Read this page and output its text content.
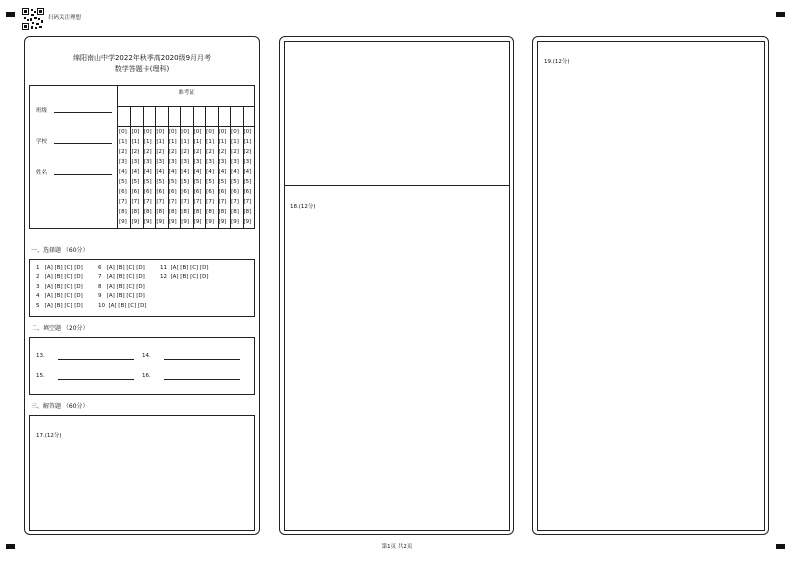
扫码关注理想
绵阳南山中学2022年秋季高2020级9月月考
数学答题卡(理科)
班级
学校
姓名
准考证
[0]
[1]
[2]
[3]
[4]
[5]
[6]
[7]
[8]
[9]
[0]
[1]
[2]
[3]
[4]
[5]
[6]
[7]
[8]
[9]
[0]
[1]
[2]
[3]
[4]
[5]
[6]
[7]
[8]
[9]
[0]
[1]
[2]
[3]
[4]
[5]
[6]
[7]
[8]
[9]
[0]
[1]
[2]
[3]
[4]
[5]
[6]
[7]
[8]
[9]
[0]
[1]
[2]
[3]
[4]
[5]
[6]
[7]
[8]
[9]
[0]
[1]
[2]
[3]
[4]
[5]
[6]
[7]
[8]
[9]
[0]
[1]
[2]
[3]
[4]
[5]
[6]
[7]
[8]
[9]
[0]
[1]
[2]
[3]
[4]
[5]
[6]
[7]
[8]
[9]
[0]
[1]
[2]
[3]
[4]
[5]
[6]
[7]
[8]
[9]
[0]
[1]
[2]
[3]
[4]
[5]
[6]
[7]
[8]
[9]
一、选择题 （60分）
1   [A] [B] [C] [D]
2   [A] [B] [C] [D]
3   [A] [B] [C] [D]
4   [A] [B] [C] [D]
5   [A] [B] [C] [D]
6   [A] [B] [C] [D]
7   [A] [B] [C] [D]
8   [A] [B] [C] [D]
9   [A] [B] [C] [D]
10  [A] [B] [C] [D]
11  [A] [B] [C] [D]
12  [A] [B] [C] [D]
二、填空题 （20分）
13.	14.
15.	16.
三、解答题 （60分）
17.(12分)
18.(12分)
19.(12分)
第1页 共2页
